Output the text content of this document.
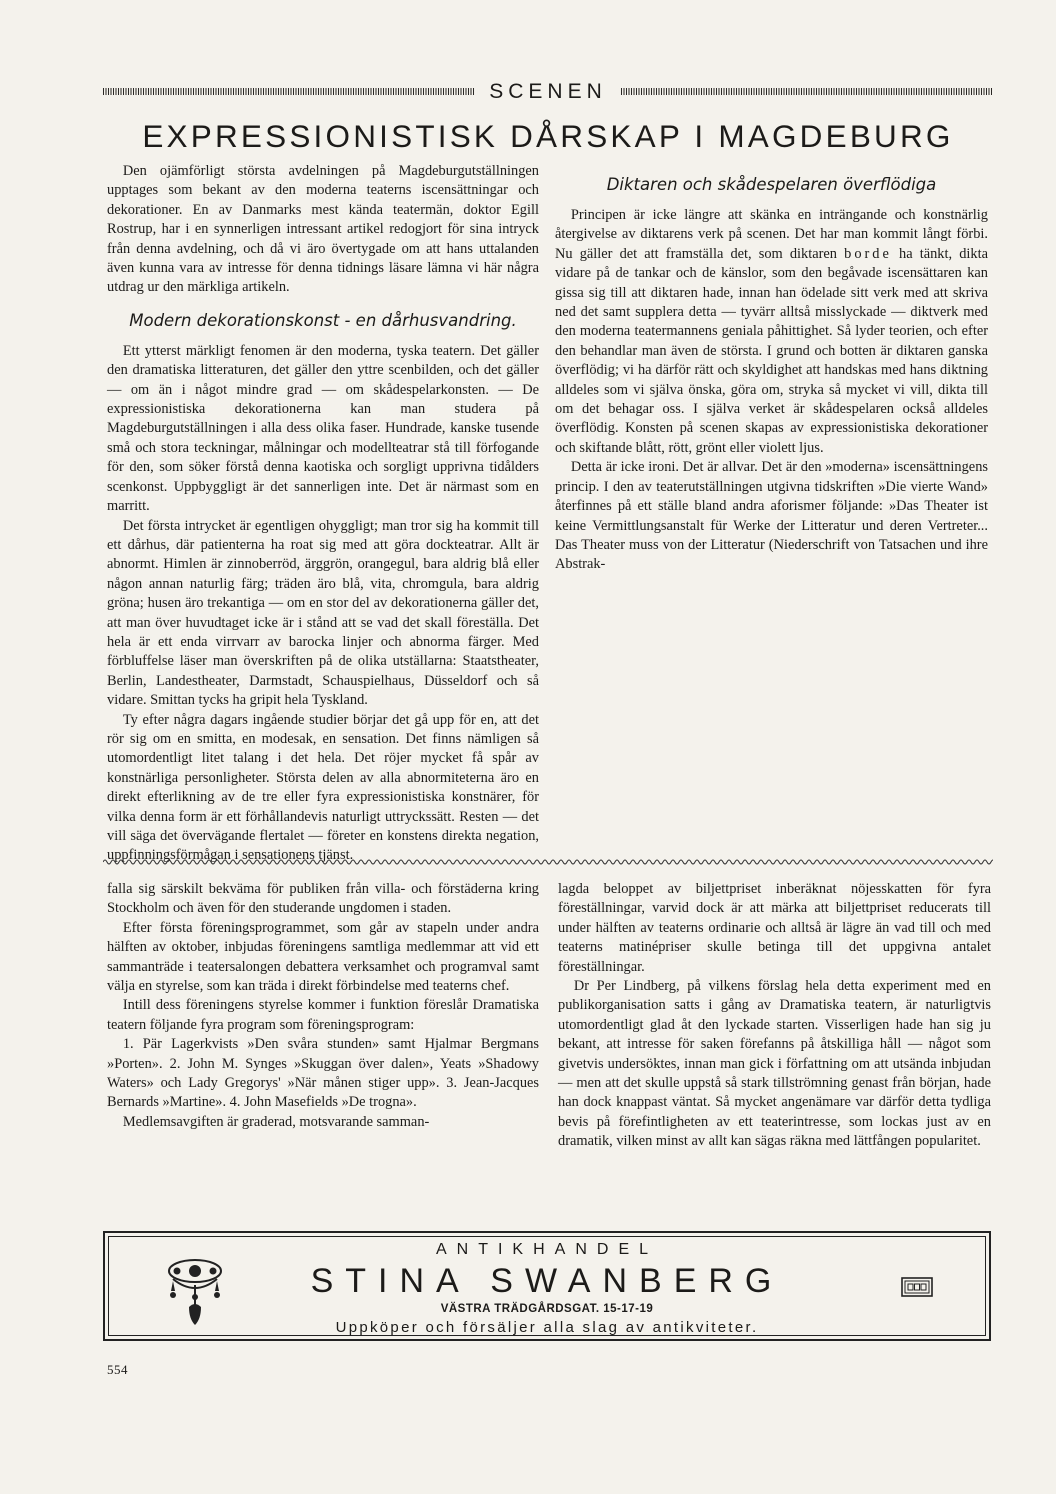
SCENEN
EXPRESSIONISTISK DÅRSKAP I MAGDEBURG

Den ojämförligt största avdelningen på Magdeburgutställningen upptages som bekant av den moderna teaterns iscensättningar och dekorationer. En av Danmarks mest kända teatermän, doktor Egill Rostrup, har i en synnerligen intressant artikel redogjort för sina intryck från denna avdelning, och då vi äro övertygade om att hans uttalanden även kunna vara av intresse för denna tidnings läsare lämna vi här några utdrag ur den märkliga artikeln.

Modern dekorationskonst - en dårhusvandring.

Ett ytterst märkligt fenomen är den moderna, tyska teatern. Det gäller den dramatiska litteraturen, det gäller den yttre scenbilden, och det gäller — om än i något mindre grad — om skådespelarkonsten. — De expressionistiska dekorationerna kan man studera på Magdeburgutställningen i alla dess olika faser. Hundrade, kanske tusende små och stora teckningar, målningar och modellteatrar stå till förfogande för den, som söker förstå denna kaotiska och sorgligt upprivna tidålders scenkonst. Uppbyggligt är det sannerligen inte. Det är närmast som en marritt.

Det första intrycket är egentligen ohyggligt; man tror sig ha kommit till ett dårhus, där patienterna ha roat sig med att göra dockteatrar. Allt är abnormt. Himlen är zinnoberröd, ärggrön, orangegul, bara aldrig blå eller någon annan naturlig färg; träden äro blå, vita, chromgula, bara aldrig gröna; husen äro trekantiga — om en stor del av dekorationerna gäller det, att man över huvudtaget icke är i stånd att se vad det skall föreställa. Det hela är ett enda virrvarr av barocka linjer och abnorma färger. Med förbluffelse läser man överskriften på de olika utställarna: Staatstheater, Berlin, Landestheater, Darmstadt, Schauspielhaus, Düsseldorf och så vidare. Smittan tycks ha gripit hela Tyskland.

Ty efter några dagars ingående studier börjar det gå upp för en, att det rör sig om en smitta, en modesak, en sensation. Det finns nämligen så utomordentligt litet talang i det hela. Det röjer mycket få spår av konstnärliga personligheter. Största delen av alla abnormiteterna äro en direkt efterlikning av de tre eller fyra expressionistiska konstnärer, för vilka denna form är ett förhållandevis naturligt uttryckssätt. Resten — det vill säga det övervägande flertalet — företer en konstens direkta negation, uppfinningsförmågan i sensationens tjänst.

Diktaren och skådespelaren överflödiga

Principen är icke längre att skänka en inträngande och konstnärlig återgivelse av diktarens verk på scenen. Det har man kommit långt förbi. Nu gäller det att framställa det, som diktaren borde ha tänkt, dikta vidare på de tankar och de känslor, som den begåvade iscensättaren kan gissa sig till att diktaren hade, innan han ödelade sitt verk med att skriva ned det samt supplera detta — tyvärr alltså misslyckade — diktverk med den moderna teatermannens geniala påhittighet. Så lyder teorien, och efter den behandlar man även de största. I grund och botten är diktaren ganska överflödig; vi ha därför rätt och skyldighet att handskas med hans diktning alldeles som vi själva önska, göra om, stryka så mycket vi vill, dikta till om det behagar oss. I själva verket är skådespelaren också alldeles överflödig. Konsten på scenen skapas av expressionistiska dekorationer och skiftande blått, rött, grönt eller violett ljus.

Detta är icke ironi. Det är allvar. Det är den »moderna» iscensättningens princip. I den av teaterutställningen utgivna tidskriften »Die vierte Wand» återfinnes på ett ställe bland andra aforismer följande: »Das Theater ist keine Vermittlungsanstalt für Werke der Litteratur und deren Vertreter... Das Theater muss von der Litteratur (Niederschrift von Tatsachen und ihre Abstrak-

falla sig särskilt bekväma för publiken från villa- och förstäderna kring Stockholm och även för den studerande ungdomen i staden.

Efter första föreningsprogrammet, som går av stapeln under andra hälften av oktober, inbjudas föreningens samtliga medlemmar att vid ett sammanträde i teatersalongen debattera verksamhet och programval samt välja en styrelse, som kan träda i direkt förbindelse med teaterns chef.

Intill dess föreningens styrelse kommer i funktion föreslår Dramatiska teatern följande fyra program som föreningsprogram:

1. Pär Lagerkvists »Den svåra stunden» samt Hjalmar Bergmans »Porten». 2. John M. Synges »Skuggan över dalen», Yeats »Shadowy Waters» och Lady Gregorys' »När månen stiger upp». 3. Jean-Jacques Bernards »Martine». 4. John Masefields »De trogna».

Medlemsavgiften är graderad, motsvarande samman-

lagda beloppet av biljettpriset inberäknat nöjesskatten för fyra föreställningar, varvid dock är att märka att biljettpriset reducerats till under hälften av teaterns ordinarie och alltså är lägre än vad till och med teaterns matinépriser skulle betinga till det uppgivna antalet föreställningar.

Dr Per Lindberg, på vilkens förslag hela detta experiment med en publikorganisation satts i gång av Dramatiska teatern, är naturligtvis utomordentligt glad åt den lyckade starten. Visserligen hade han sig ju bekant, att intresse för saken förefanns på åtskilliga håll — något som givetvis undersöktes, innan man gick i författning om att utsända inbjudan — men att det skulle uppstå så stark tillströmning genast från början, hade han dock knappast väntat. Så mycket angenämare var därför detta tydliga bevis på förefintligheten av ett teaterintresse, som lockas just av en dramatik, vilken minst av allt kan sägas räkna med lättfången popularitet.

ANTIKHANDEL
STINA SWANBERG
VÄSTRA TRÄDGÅRDSGAT. 15-17-19
Uppköper och försäljer alla slag av antikviteter.
554
